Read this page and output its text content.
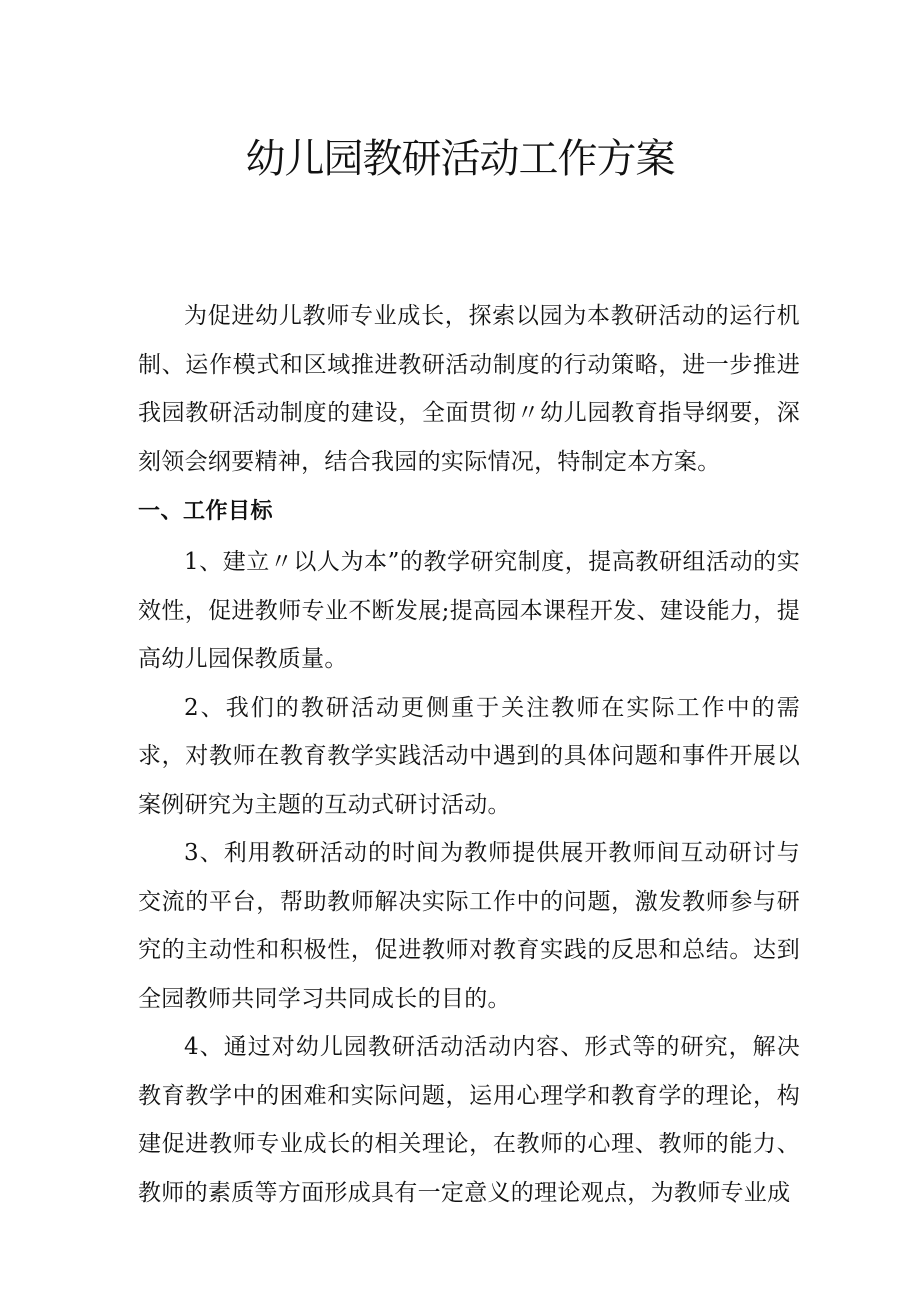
幼儿园教研活动工作方案

为促进幼儿教师专业成长，探索以园为本教研活动的运行机制、运作模式和区域推进教研活动制度的行动策略，进一步推进我园教研活动制度的建设，全面贯彻〃幼儿园教育指导纲要，深刻领会纲要精神，结合我园的实际情况，特制定本方案。

一、工作目标

1、建立〃以人为本”的教学研究制度，提高教研组活动的实效性，促进教师专业不断发展;提高园本课程开发、建设能力，提高幼儿园保教质量。

2、我们的教研活动更侧重于关注教师在实际工作中的需求，对教师在教育教学实践活动中遇到的具体问题和事件开展以案例研究为主题的互动式研讨活动。

3、利用教研活动的时间为教师提供展开教师间互动研讨与交流的平台，帮助教师解决实际工作中的问题，激发教师参与研究的主动性和积极性，促进教师对教育实践的反思和总结。达到全园教师共同学习共同成长的目的。

4、通过对幼儿园教研活动活动内容、形式等的研究，解决教育教学中的困难和实际问题，运用心理学和教育学的理论，构建促进教师专业成长的相关理论，在教师的心理、教师的能力、教师的素质等方面形成具有一定意义的理论观点，为教师专业成
